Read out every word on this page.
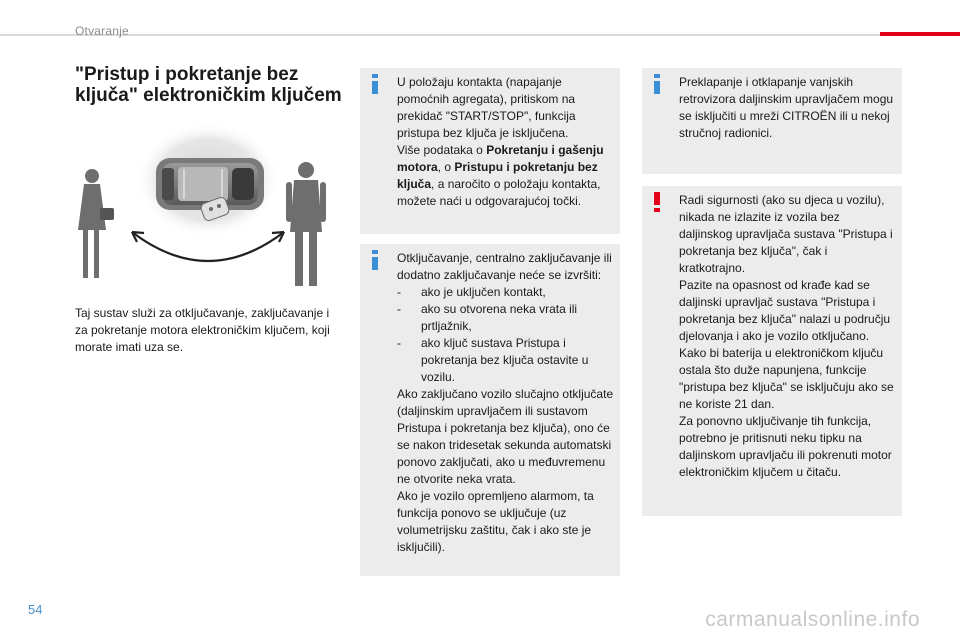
Otvaranje
"Pristup i pokretanje bez ključa" elektroničkim ključem
Taj sustav služi za otključavanje, zaključavanje i za pokretanje motora elektroničkim ključem, koji morate imati uza se.
U položaju kontakta (napajanje pomoćnih agregata), pritiskom na prekidač "START/STOP", funkcija pristupa bez ključa je isključena.
Više podataka o Pokretanju i gašenju motora, o Pristupu i pokretanju bez ključa, a naročito o položaju kontakta, možete naći u odgovarajućoj točki.
Otključavanje, centralno zaključavanje ili dodatno zaključavanje neće se izvršiti:
- ako je uključen kontakt,
- ako su otvorena neka vrata ili prtljažnik,
- ako ključ sustava Pristupa i pokretanja bez ključa ostavite u vozilu.
Ako zaključano vozilo slučajno otključate (daljinskim upravljačem ili sustavom Pristupa i pokretanja bez ključa), ono će se nakon tridesetak sekunda automatski ponovo zaključati, ako u međuvremenu ne otvorite neka vrata.
Ako je vozilo opremljeno alarmom, ta funkcija ponovo se uključuje (uz volumetrijsku zaštitu, čak i ako ste je isključili).
Preklapanje i otklapanje vanjskih retrovizora daljinskim upravljačem mogu se isključiti u mreži CITROËN ili u nekoj stručnoj radionici.
Radi sigurnosti (ako su djeca u vozilu), nikada ne izlazite iz vozila bez daljinskog upravljača sustava "Pristupa i pokretanja bez ključa", čak i kratkotrajno.
Pazite na opasnost od krađe kad se daljinski upravljač sustava "Pristupa i pokretanja bez ključa" nalazi u području djelovanja i ako je vozilo otključano.
Kako bi baterija u elektroničkom ključu ostala što duže napunjena, funkcije "pristupa bez ključa" se isključuju ako se ne koriste 21 dan.
Za ponovno uključivanje tih funkcija, potrebno je pritisnuti neku tipku na daljinskom upravljaču ili pokrenuti motor elektroničkim ključem u čitaču.
54	carmanualsonline.info
